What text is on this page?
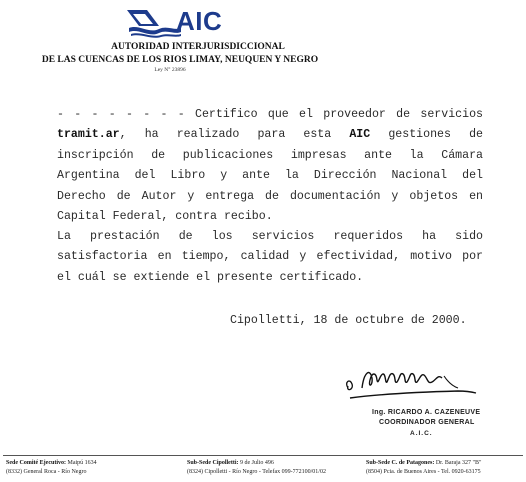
AIC
AUTORIDAD INTERJURISDICCIONAL
DE LAS CUENCAS DE LOS RIOS LIMAY, NEUQUEN Y NEGRO
Ley N° 23896
- - - - - - - - Certifico que el proveedor de servicios
tramit.ar, ha realizado para esta AIC gestiones de
inscripción de publicaciones impresas ante la Cámara
Argentina del Libro y ante la Dirección Nacional del
Derecho de Autor y entrega de documentación y objetos en
Capital Federal, contra recibo.
La prestación de los servicios requeridos ha sido
satisfactoria en tiempo, calidad y efectividad, motivo por
el cuál se extiende el presente certificado.
Cipolletti, 18 de octubre de 2000.
Ing. RICARDO A. CAZENEUVE
COORDINADOR GENERAL
A.I.C.
Sede Comité Ejecutivo: Maipú 1634
(8332) General Roca - Río Negro
Sub-Sede Cipolletti: 9 de Julio 496
(8324) Cipolletti - Río Negro - Telefax 099-772100/01/02
Sub-Sede C. de Patagones: Dr. Baraja 327 "B"
(8504) Pcia. de Buenos Aires - Tel. 0920-63175
